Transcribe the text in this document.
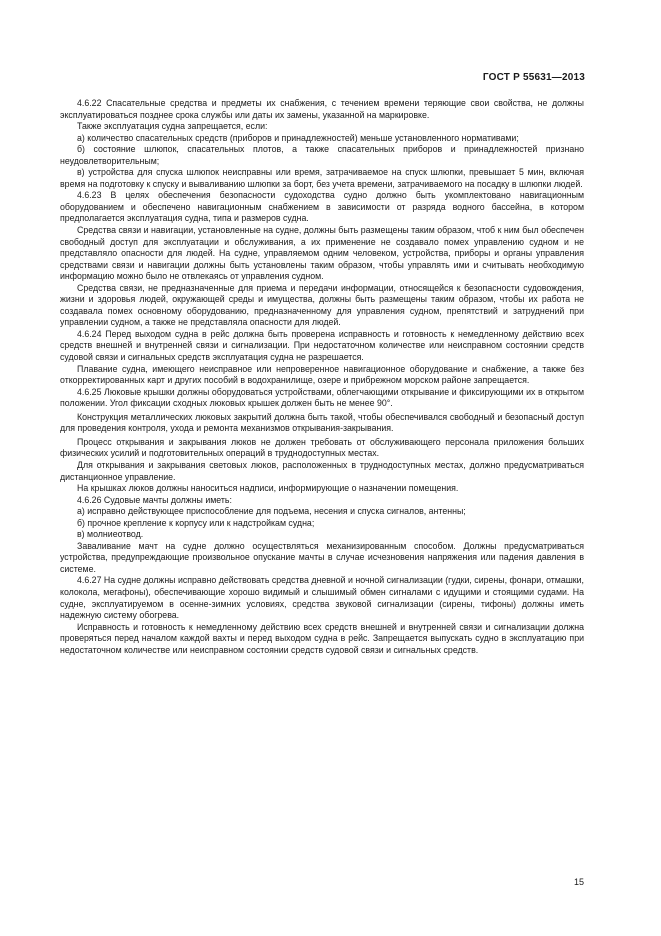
ГОСТ Р 55631—2013

4.6.22 Спасательные средства и предметы их снабжения, с течением времени теряющие свои свойства, не должны эксплуатироваться позднее срока службы или даты их замены, указанной на маркировке.

Также эксплуатация судна запрещается, если:

а) количество спасательных средств (приборов и принадлежностей) меньше установленного нормативами;

б) состояние шлюпок, спасательных плотов, а также спасательных приборов и принадлежностей признано неудовлетворительным;

в) устройства для спуска шлюпок неисправны или время, затрачиваемое на спуск шлюпки, превышает 5 мин, включая время на подготовку к спуску и вываливанию шлюпки за борт, без учета времени, затрачиваемого на посадку в шлюпки людей.

4.6.23 В целях обеспечения безопасности судоходства судно должно быть укомплектовано навигационным оборудованием и обеспечено навигационным снабжением в зависимости от разряда водного бассейна, в котором предполагается эксплуатация судна, типа и размеров судна.

Средства связи и навигации, установленные на судне, должны быть размещены таким образом, чтоб к ним был обеспечен свободный доступ для эксплуатации и обслуживания, а их применение не создавало помех управлению судном и не представляло опасности для людей. На судне, управляемом одним человеком, устройства, приборы и органы управления средствами связи и навигации должны быть установлены таким образом, чтобы управлять ими и считывать необходимую информацию можно было не отвлекаясь от управления судном.

Средства связи, не предназначенные для приема и передачи информации, относящейся к безопасности судовождения, жизни и здоровья людей, окружающей среды и имущества, должны быть размещены таким образом, чтобы их работа не создавала помех основному оборудованию, предназначенному для управления судном, препятствий и затруднений при управлении судном, а также не представляла опасности для людей.

4.6.24 Перед выходом судна в рейс должна быть проверена исправность и готовность к немедленному действию всех средств внешней и внутренней связи и сигнализации. При недостаточном количестве или неисправном состоянии средств судовой связи и сигнальных средств эксплуатация судна не разрешается.

Плавание судна, имеющего неисправное или непроверенное навигационное оборудование и снабжение, а также без откорректированных карт и других пособий в водохранилище, озере и прибрежном морском районе запрещается.

4.6.25 Люковые крышки должны оборудоваться устройствами, облегчающими открывание и фиксирующими их в открытом положении. Угол фиксации сходных люковых крышек должен быть не менее 90°.

Конструкция металлических люковых закрытий должна быть такой, чтобы обеспечивался свободный и безопасный доступ для проведения контроля, ухода и ремонта механизмов открывания-закрывания.

Процесс открывания и закрывания люков не должен требовать от обслуживающего персонала приложения больших физических усилий и подготовительных операций в труднодоступных местах.

Для открывания и закрывания световых люков, расположенных в труднодоступных местах, должно предусматриваться дистанционное управление.

На крышках люков должны наноситься надписи, информирующие о назначении помещения.

4.6.26 Судовые мачты должны иметь:

а) исправно действующее приспособление для подъема, несения и спуска сигналов, антенны;

б) прочное крепление к корпусу или к надстройкам судна;

в) молниеотвод.

Заваливание мачт на судне должно осуществляться механизированным способом. Должны предусматриваться устройства, предупреждающие произвольное опускание мачты в случае исчезновения напряжения или падения давления в системе.

4.6.27 На судне должны исправно действовать средства дневной и ночной сигнализации (гудки, сирены, фонари, отмашки, колокола, мегафоны), обеспечивающие хорошо видимый и слышимый обмен сигналами с идущими и стоящими судами. На судне, эксплуатируемом в осенне-зимних условиях, средства звуковой сигнализации (сирены, тифоны) должны иметь надежную систему обогрева.

Исправность и готовность к немедленному действию всех средств внешней и внутренней связи и сигнализации должна проверяться перед началом каждой вахты и перед выходом судна в рейс. Запрещается выпускать судно в эксплуатацию при недостаточном количестве или неисправном состоянии средств судовой связи и сигнальных средств.

15
